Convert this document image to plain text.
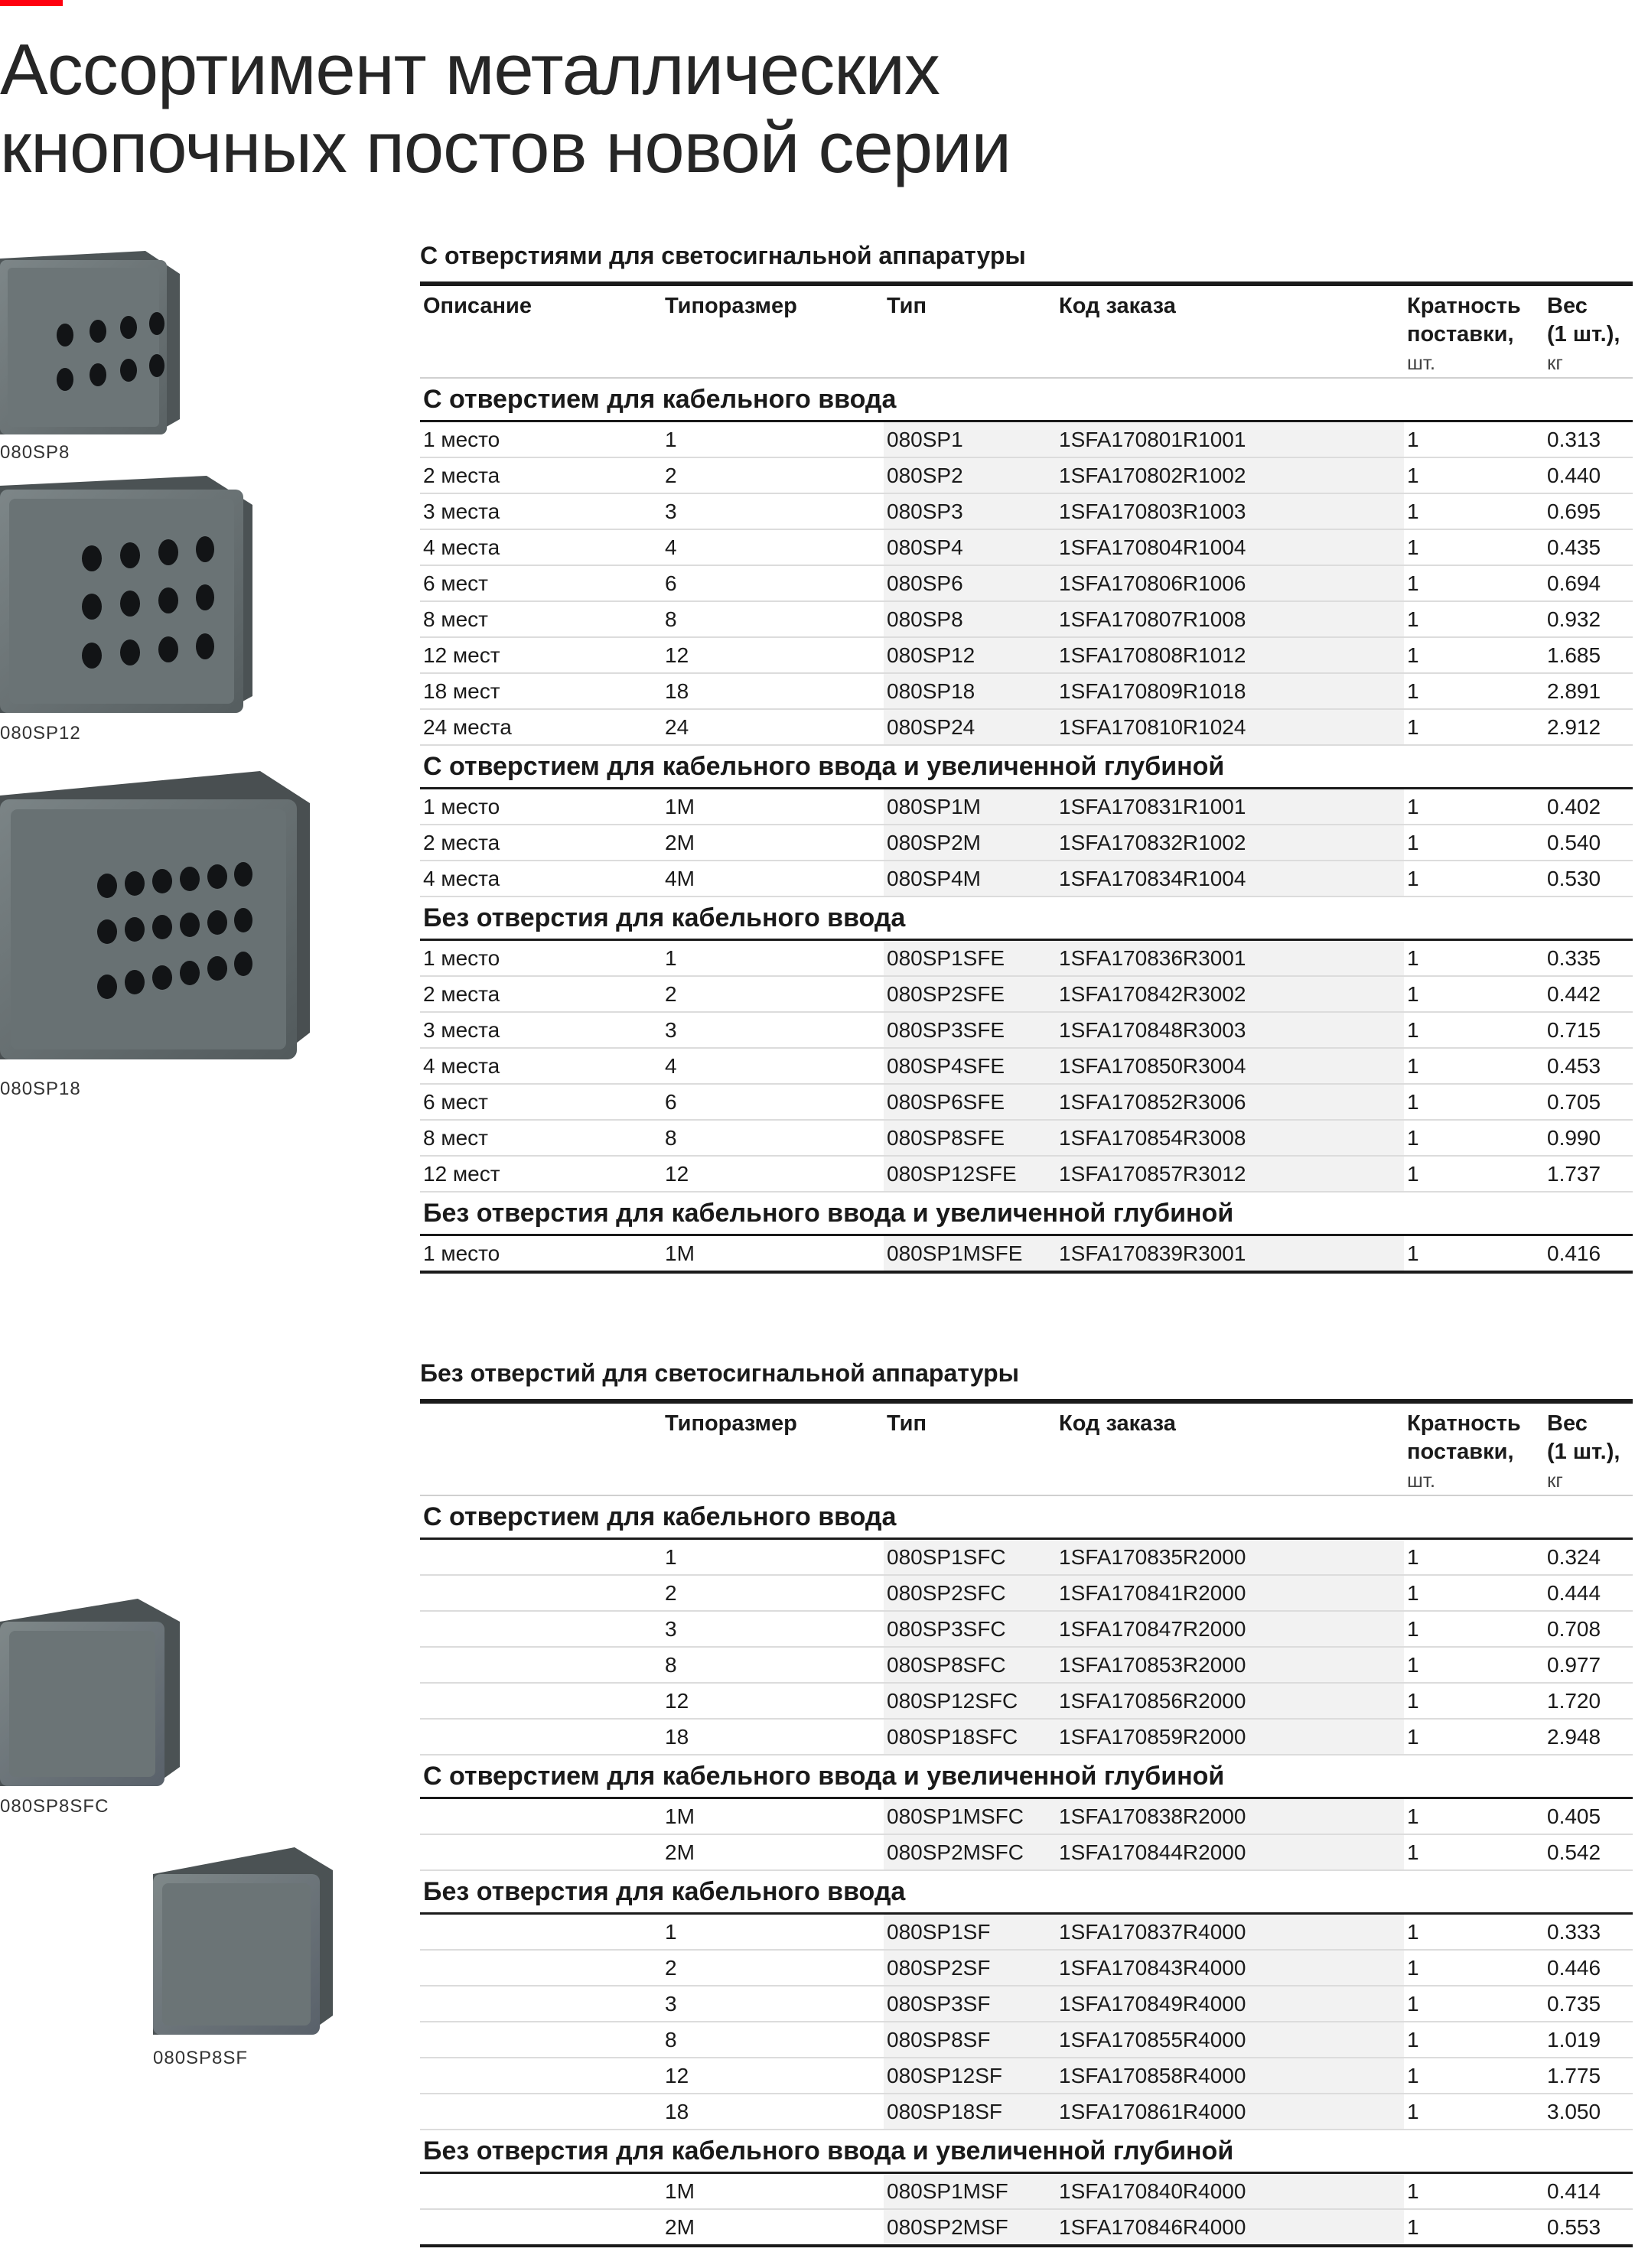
Ассортимент металлических
кнопочных постов новой серии
080SP8
080SP12
080SP18
080SP8SFC
080SP8SF
С отверстиями для светосигнальной аппаратуры
Описание	Типоразмер	Тип	Код заказа	Кратность
поставки,
шт.	Вес
(1 шт.),
кг

С отверстием для кабельного ввода					
1 место	1	080SP1	1SFA170801R1001	1	0.313
2 места	2	080SP2	1SFA170802R1002	1	0.440
3 места	3	080SP3	1SFA170803R1003	1	0.695
4 места	4	080SP4	1SFA170804R1004	1	0.435
6 мест	6	080SP6	1SFA170806R1006	1	0.694
8 мест	8	080SP8	1SFA170807R1008	1	0.932
12 мест	12	080SP12	1SFA170808R1012	1	1.685
18 мест	18	080SP18	1SFA170809R1018	1	2.891
24 места	24	080SP24	1SFA170810R1024	1	2.912
С отверстием для кабельного ввода и увеличенной глубиной					
1 место	1M	080SP1M	1SFA170831R1001	1	0.402
2 места	2M	080SP2M	1SFA170832R1002	1	0.540
4 места	4M	080SP4M	1SFA170834R1004	1	0.530
Без отверстия для кабельного ввода					
1 место	1	080SP1SFE	1SFA170836R3001	1	0.335
2 места	2	080SP2SFE	1SFA170842R3002	1	0.442
3 места	3	080SP3SFE	1SFA170848R3003	1	0.715
4 места	4	080SP4SFE	1SFA170850R3004	1	0.453
6 мест	6	080SP6SFE	1SFA170852R3006	1	0.705
8 мест	8	080SP8SFE	1SFA170854R3008	1	0.990
12 мест	12	080SP12SFE	1SFA170857R3012	1	1.737
Без отверстия для кабельного ввода и увеличенной глубиной					
1 место	1M	080SP1MSFE	1SFA170839R3001	1	0.416
Без отверстий для светосигнальной аппаратуры
	Типоразмер	Тип	Код заказа	Кратность
поставки,
шт.	Вес
(1 шт.),
кг

С отверстием для кабельного ввода					
	1	080SP1SFC	1SFA170835R2000	1	0.324
	2	080SP2SFC	1SFA170841R2000	1	0.444
	3	080SP3SFC	1SFA170847R2000	1	0.708
	8	080SP8SFC	1SFA170853R2000	1	0.977
	12	080SP12SFC	1SFA170856R2000	1	1.720
	18	080SP18SFC	1SFA170859R2000	1	2.948
С отверстием для кабельного ввода и увеличенной глубиной					
	1M	080SP1MSFC	1SFA170838R2000	1	0.405
	2M	080SP2MSFC	1SFA170844R2000	1	0.542
Без отверстия для кабельного ввода					
	1	080SP1SF	1SFA170837R4000	1	0.333
	2	080SP2SF	1SFA170843R4000	1	0.446
	3	080SP3SF	1SFA170849R4000	1	0.735
	8	080SP8SF	1SFA170855R4000	1	1.019
	12	080SP12SF	1SFA170858R4000	1	1.775
	18	080SP18SF	1SFA170861R4000	1	3.050
Без отверстия для кабельного ввода и увеличенной глубиной					
	1M	080SP1MSF	1SFA170840R4000	1	0.414
	2M	080SP2MSF	1SFA170846R4000	1	0.553
